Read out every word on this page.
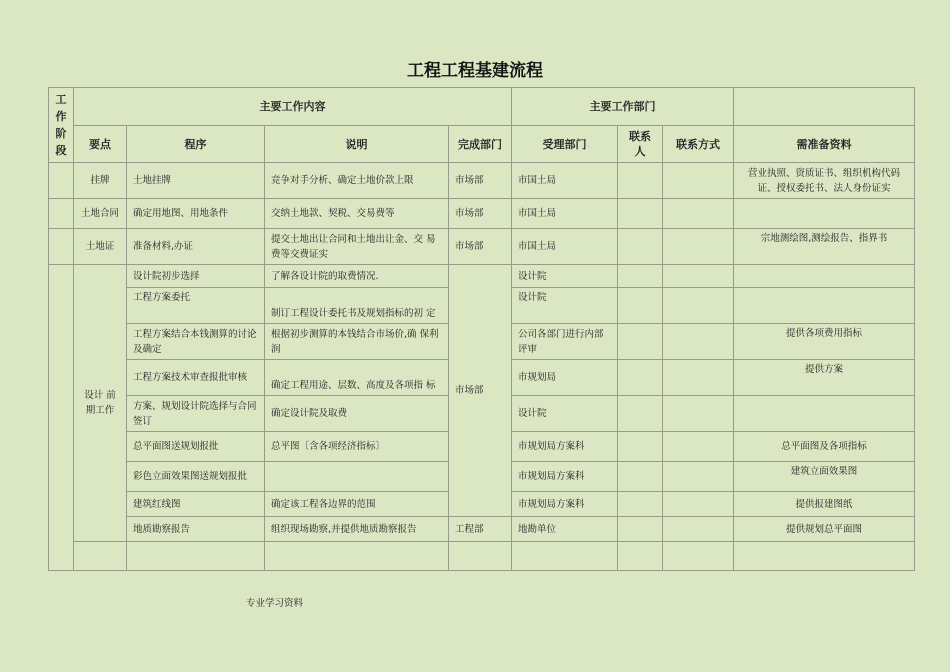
工程工程基建流程
工
作
阶
段	主要工作内容				主要工作部门			
	要点	程序	说明	完成部门	受理部门	联系人	联系方式	需准备资料
	挂牌	土地挂牌	竞争对手分析、确定土地价款上限	市场部	市国土局			营业执照、资质证书、组织机构代码证、授权委托书、法人身份证实
	土地合同	确定用地图、用地条件	交纳土地款、契税、交易费等	市场部	市国土局			
	土地证	准备材料,办证	提交土地出让合同和土地出让金、交 易费等交费证实	市场部	市国土局			宗地测绘图,测绘报告、指界书
	设计 前期工作	设计院初步选择	了解各设计院的取费情况.	市场部	设计院			
		工程方案委托	制订工程设计委托书及规划指标的初 定		设计院			
		工程方案结合本钱测算的讨论及确定	根据初步测算的本钱结合市场价,确 保利润		公司各部门进行内部评审			提供各项费用指标
		工程方案技术审查报批审核	确定工程用途、层数、高度及各项指 标		市规划局			提供方案
		方案、规划设计院选择与合同签订	确定设计院及取费		设计院			
		总平面图送规划报批	总平图〔含各项经济指标〕		市规划局方案科			总平面图及各项指标
		彩色立面效果图送规划报批			市规划局方案科			建筑立面效果图
		建筑红线图	确定该工程各边界的范围		市规划局方案科			提供报建图纸
		地质勘察报告	组织现场勘察,并提供地质勘察报告	工程部	地勘单位			提供规划总平面图

专业学习资料
